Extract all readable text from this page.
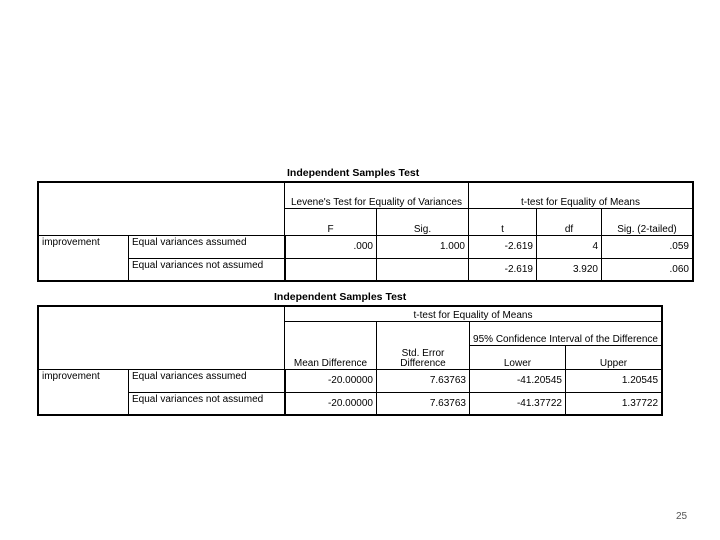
Independent Samples Test
		Levene's Test for Equality of Variances		t-test for Equality of Means		
		F	Sig.	t	df	Sig. (2-tailed)
improvement	Equal variances assumed	.000	1.000	-2.619	4	.059
	Equal variances not assumed			-2.619	3.920	.060
Independent Samples Test
		t-test for Equality of Means			
		Mean Difference	Std. Error Difference	95% Confidence Interval of the Difference	
				Lower	Upper
improvement	Equal variances assumed	-20.00000	7.63763	-41.20545	1.20545
	Equal variances not assumed	-20.00000	7.63763	-41.37722	1.37722
25
